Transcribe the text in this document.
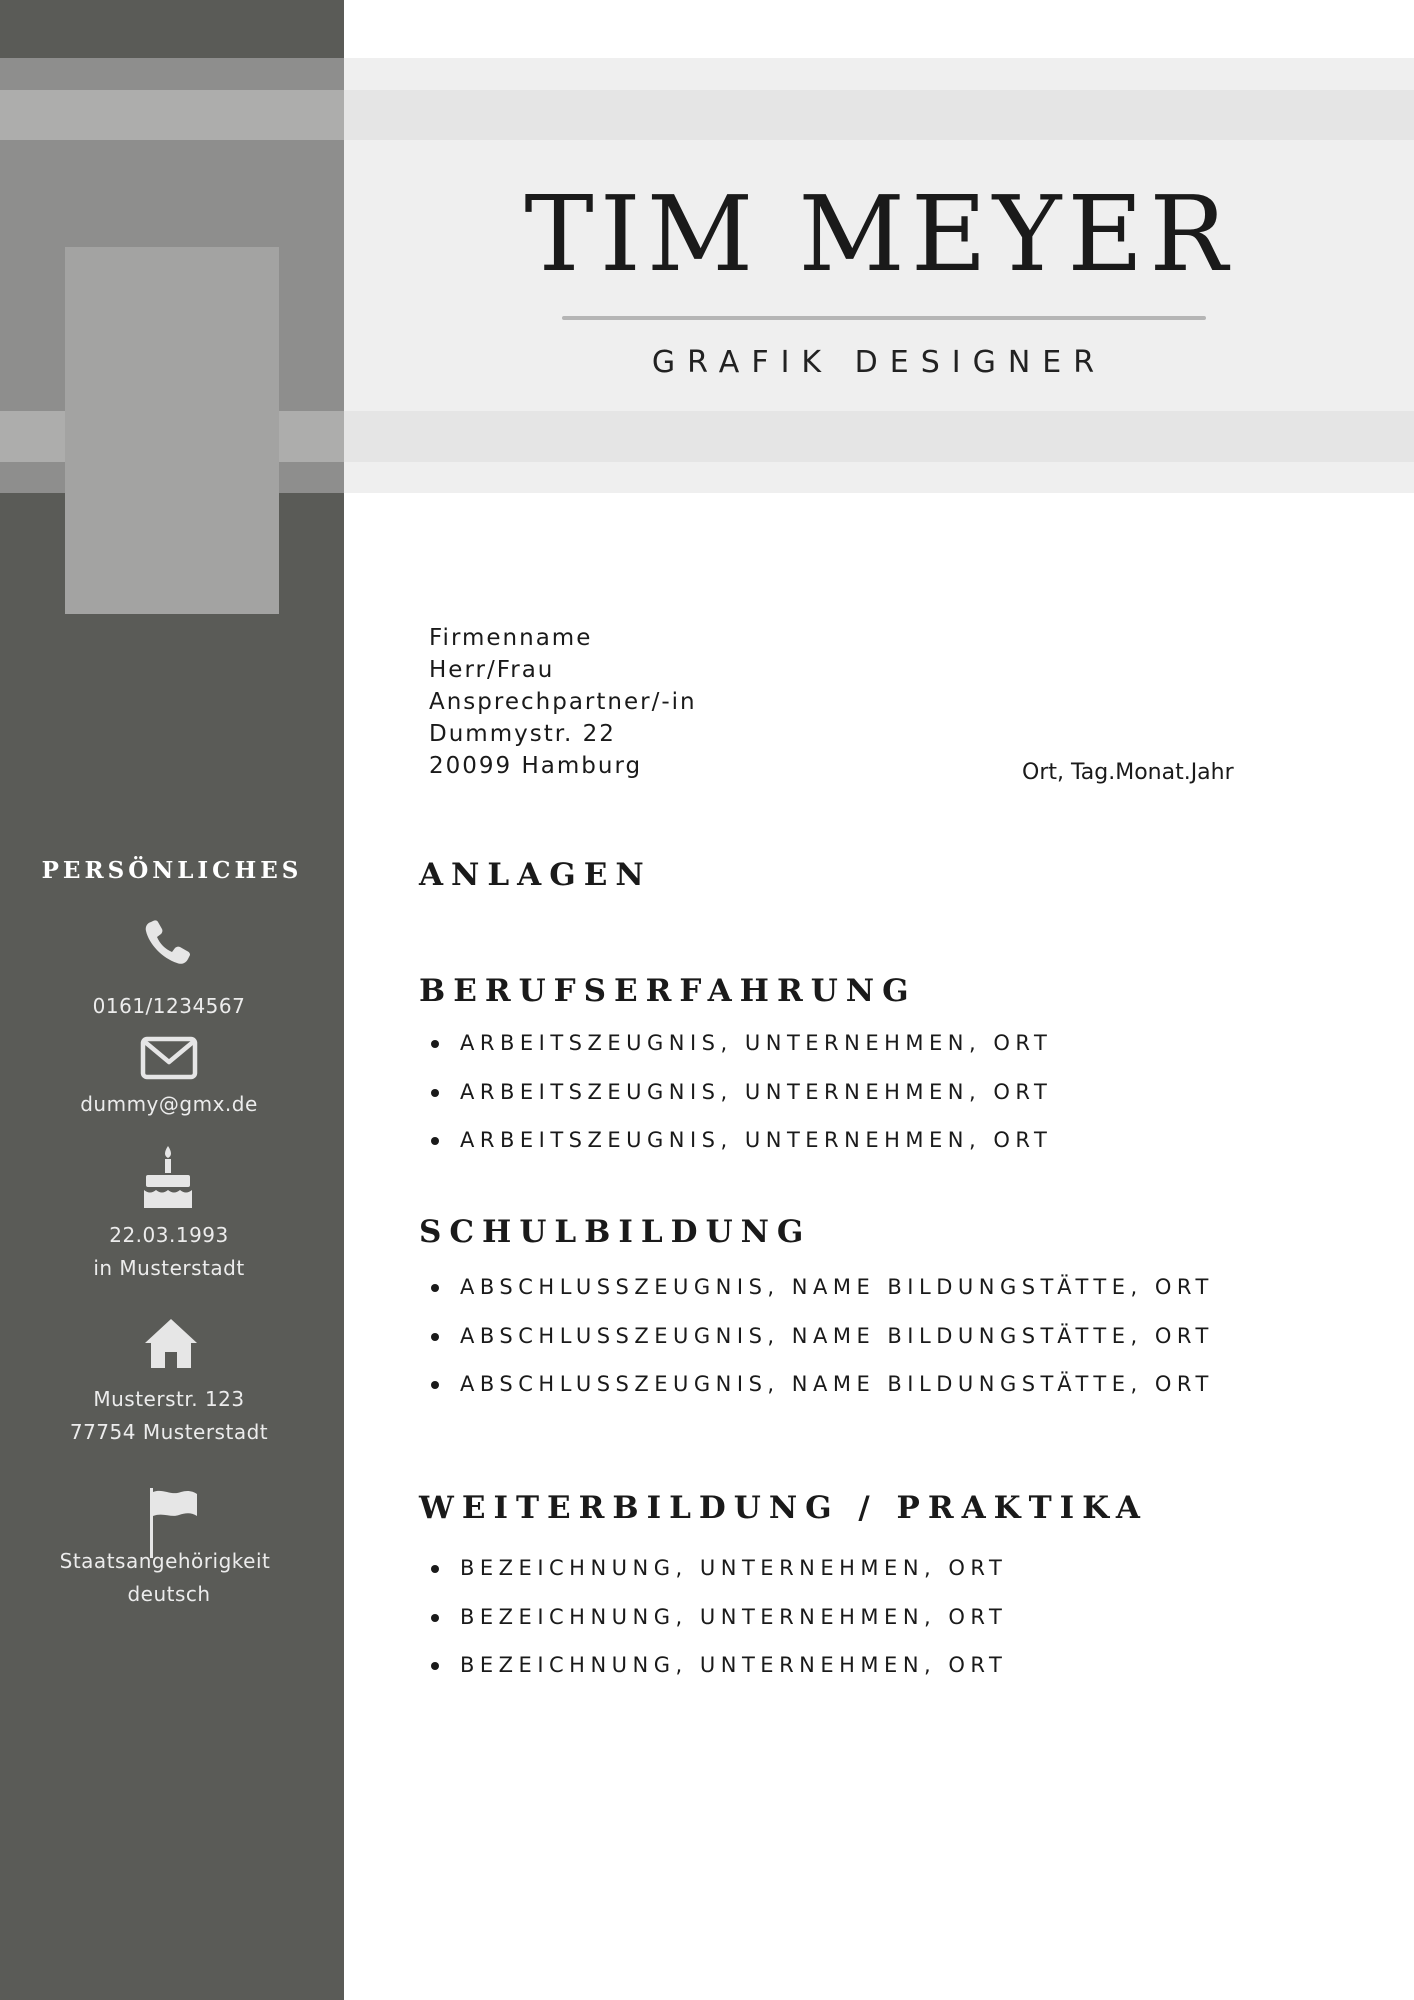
TIM MEYER
GRAFIK DESIGNER
Firmenname
Herr/Frau
Ansprechpartner/-in
Dummystr. 22
20099 Hamburg	Ort, Tag.Monat.Jahr
PERSÖNLICHES
0161/1234567
dummy@gmx.de
22.03.1993
in Musterstadt
Musterstr. 123
77754 Musterstadt
Staatsangehörigkeit
deutsch
ANLAGEN
BERUFSERFAHRUNG
ARBEITSZEUGNIS, UNTERNEHMEN, ORT
ARBEITSZEUGNIS, UNTERNEHMEN, ORT
ARBEITSZEUGNIS, UNTERNEHMEN, ORT
SCHULBILDUNG
ABSCHLUSSZEUGNIS, NAME BILDUNGSTÄTTE, ORT
ABSCHLUSSZEUGNIS, NAME BILDUNGSTÄTTE, ORT
ABSCHLUSSZEUGNIS, NAME BILDUNGSTÄTTE, ORT
WEITERBILDUNG / PRAKTIKA
BEZEICHNUNG, UNTERNEHMEN, ORT
BEZEICHNUNG, UNTERNEHMEN, ORT
BEZEICHNUNG, UNTERNEHMEN, ORT
